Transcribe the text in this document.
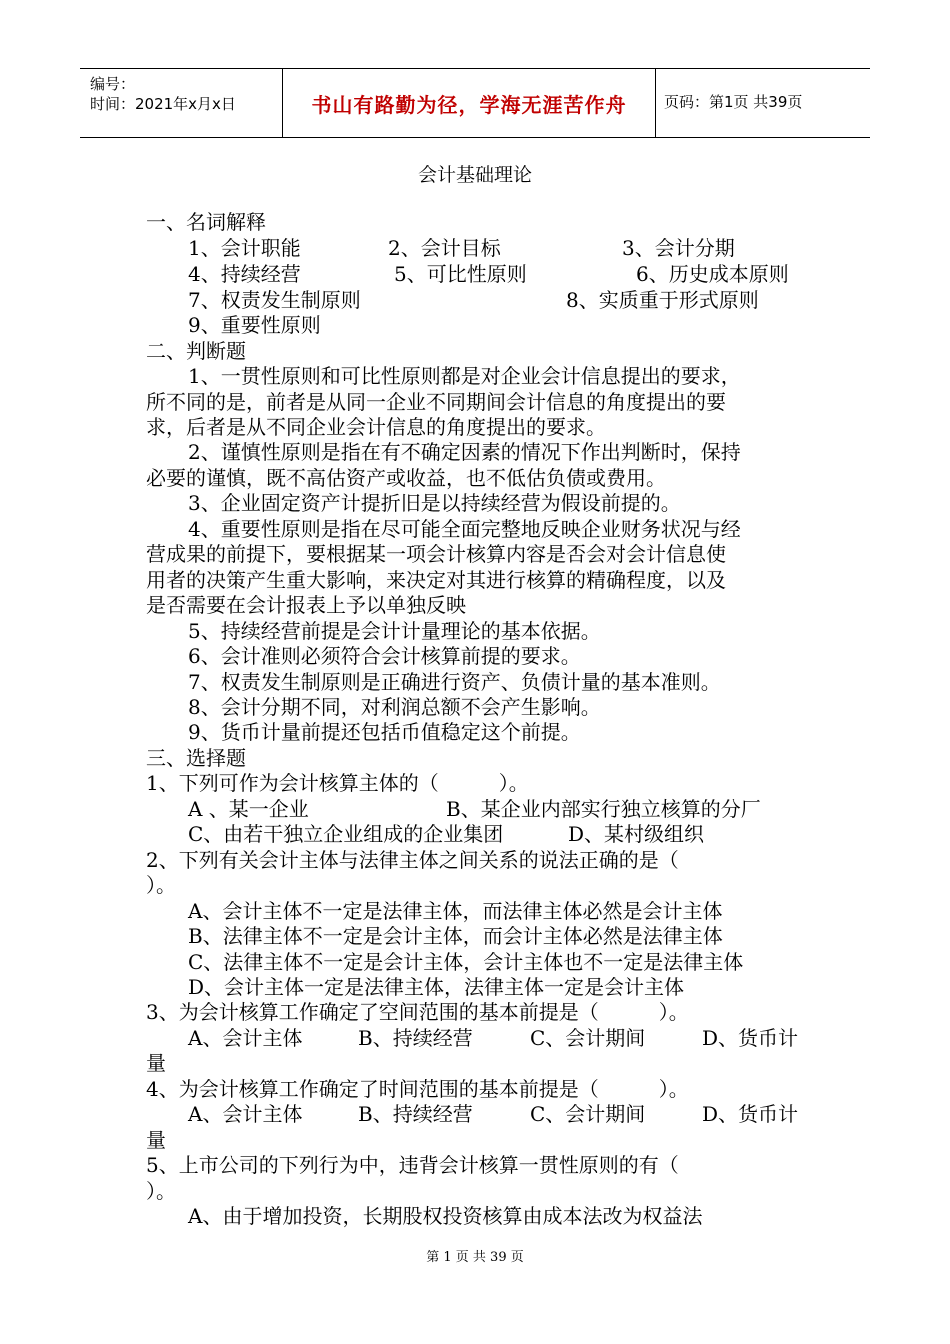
编号：
时间：2021年x月x日	书山有路勤为径，学海无涯苦作舟	页码：第1页 共39页
会计基础理论
一、名词解释
1、会计职能	2、会计目标	3、会计分期
4、持续经营	5、可比性原则	6、历史成本原则
7、权责发生制原则	8、实质重于形式原则
9、重要性原则
二、判断题
1、一贯性原则和可比性原则都是对企业会计信息提出的要求，
所不同的是，前者是从同一企业不同期间会计信息的角度提出的要
求，后者是从不同企业会计信息的角度提出的要求。
2、谨慎性原则是指在有不确定因素的情况下作出判断时，保持
必要的谨慎，既不高估资产或收益，也不低估负债或费用。
3、企业固定资产计提折旧是以持续经营为假设前提的。
4、重要性原则是指在尽可能全面完整地反映企业财务状况与经
营成果的前提下，要根据某一项会计核算内容是否会对会计信息使
用者的决策产生重大影响，来决定对其进行核算的精确程度，以及
是否需要在会计报表上予以单独反映
5、持续经营前提是会计计量理论的基本依据。
6、会计准则必须符合会计核算前提的要求。
7、权责发生制原则是正确进行资产、负债计量的基本准则。
8、会计分期不同，对利润总额不会产生影响。
9、货币计量前提还包括币值稳定这个前提。
三、选择题
1、下列可作为会计核算主体的（　　　）。
A 、某一企业	B、某企业内部实行独立核算的分厂
C、由若干独立企业组成的企业集团	D、某村级组织
2、下列有关会计主体与法律主体之间关系的说法正确的是（
）。
A、会计主体不一定是法律主体，而法律主体必然是会计主体
B、法律主体不一定是会计主体，而会计主体必然是法律主体
C、法律主体不一定是会计主体，会计主体也不一定是法律主体
D、会计主体一定是法律主体，法律主体一定是会计主体
3、为会计核算工作确定了空间范围的基本前提是（　　　）。
A、会计主体	B、持续经营	C、会计期间	D、货币计
量
4、为会计核算工作确定了时间范围的基本前提是（　　　）。
A、会计主体	B、持续经营	C、会计期间	D、货币计
量
5、上市公司的下列行为中，违背会计核算一贯性原则的有（
）。
A、由于增加投资，长期股权投资核算由成本法改为权益法
第 1 页 共 39 页
